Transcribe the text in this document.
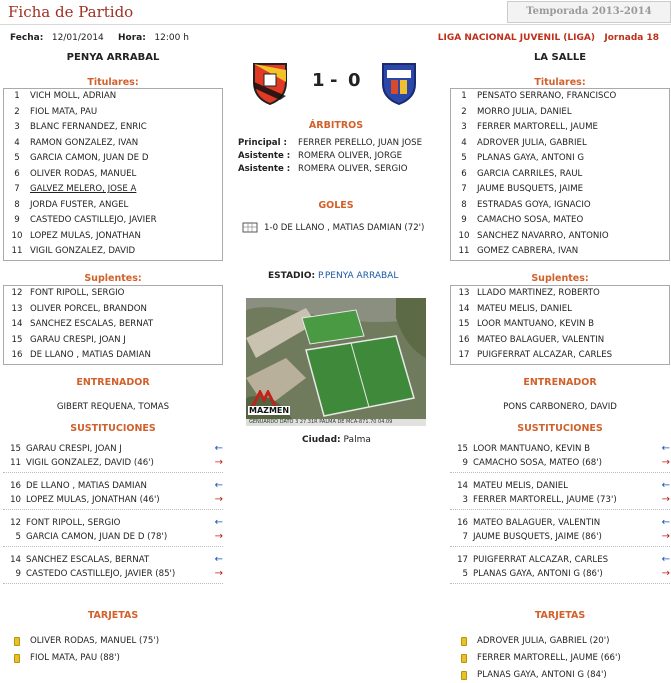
Ficha de Partido	Temporada 2013-2014
Fecha: 12/01/2014 Hora: 12:00 h	LIGA NACIONAL JUVENIL (LIGA) Jornada 18
PENYA ARRABAL	LA SALLE
1 - 0
Titulares:
1 VICH MOLL, ADRIAN
2 FIOL MATA, PAU
3 BLANC FERNANDEZ, ENRIC
4 RAMON GONZALEZ, IVAN
5 GARCIA CAMON, JUAN DE D
6 OLIVER RODAS, MANUEL
7 GALVEZ MELERO, JOSE A
8 JORDA FUSTER, ANGEL
9 CASTEDO CASTILLEJO, JAVIER
10 LOPEZ MULAS, JONATHAN
11 VIGIL GONZALEZ, DAVID
Titulares:
1 PENSATO SERRANO, FRANCISCO
2 MORRO JULIA, DANIEL
3 FERRER MARTORELL, JAUME
4 ADROVER JULIA, GABRIEL
5 PLANAS GAYA, ANTONI G
6 GARCIA CARRILES, RAUL
7 JAUME BUSQUETS, JAIME
8 ESTRADAS GOYA, IGNACIO
9 CAMACHO SOSA, MATEO
10 SANCHEZ NAVARRO, ANTONIO
11 GOMEZ CABRERA, IVAN
ÁRBITROS
Principal : FERRER PERELLO, JUAN JOSE
Asistente : ROMERA OLIVER, JORGE
Asistente : ROMERA OLIVER, SERGIO
GOLES
1-0 DE LLANO , MATIAS DAMIAN (72')
ESTADIO: P.PENYA ARRABAL
MAZMEN
GENUARDO DATO 3 27.31R PALMA DE MCA-871.70 04.09
Ciudad: Palma
Suplentes:
12 FONT RIPOLL, SERGIO
13 OLIVER PORCEL, BRANDON
14 SANCHEZ ESCALAS, BERNAT
15 GARAU CRESPI, JOAN J
16 DE LLANO , MATIAS DAMIAN
Suplentes:
13 LLADO MARTINEZ, ROBERTO
14 MATEU MELIS, DANIEL
15 LOOR MANTUANO, KEVIN B
16 MATEO BALAGUER, VALENTIN
17 PUIGFERRAT ALCAZAR, CARLES
ENTRENADOR
GIBERT REQUENA, TOMAS
ENTRENADOR
PONS CARBONERO, DAVID
SUSTITUCIONES
15 GARAU CRESPI, JOAN J	←
11 VIGIL GONZALEZ, DAVID (46')	→
16 DE LLANO , MATIAS DAMIAN	←
10 LOPEZ MULAS, JONATHAN (46')	→
12 FONT RIPOLL, SERGIO	←
5 GARCIA CAMON, JUAN DE D (78')	→
14 SANCHEZ ESCALAS, BERNAT	←
9 CASTEDO CASTILLEJO, JAVIER (85')	→
SUSTITUCIONES
15 LOOR MANTUANO, KEVIN B	←
9 CAMACHO SOSA, MATEO (68')	→
14 MATEU MELIS, DANIEL	←
3 FERRER MARTORELL, JAUME (73')	→
16 MATEO BALAGUER, VALENTIN	←
7 JAUME BUSQUETS, JAIME (86')	→
17 PUIGFERRAT ALCAZAR, CARLES	←
5 PLANAS GAYA, ANTONI G (86')	→
TARJETAS
OLIVER RODAS, MANUEL (75')
FIOL MATA, PAU (88')
TARJETAS
ADROVER JULIA, GABRIEL (20')
FERRER MARTORELL, JAUME (66')
PLANAS GAYA, ANTONI G (84')
